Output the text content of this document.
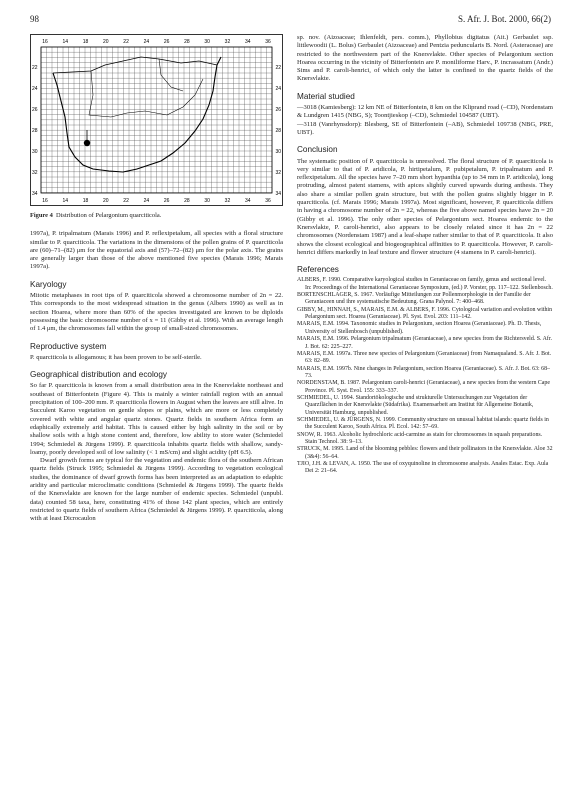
98	S. Afr. J. Bot. 2000, 66(2)
16
16
14
14
18
18
20
20
22
22
24
24
26
26
28
28
30
30
32
32
34
34
36
36
22	22
24	24
26	26
28	28
30	30
32	32
34	34

Figure 4 Distribution of Pelargonium quarciticola.

1997a), P. tripalmatum (Marais 1996) and P. reflexipetalum, all species with a floral structure similar to P. quarciticola. The variations in the dimensions of the pollen grains of P. quarciticola are (60)–71–(82) μm for the equatorial axis and (57)–72–(82) μm for the polar axis. The grains are generally larger than those of the above mentioned five species (Marais 1996; Marais 1997a).

Karyology

Mitotic metaphases in root tips of P. quarciticola showed a chromosome number of 2n = 22. This corresponds to the most widespread situation in the genus (Albers 1990) as well as in section Hoarea, where more than 60% of the species investigated are known to be diploids possessing the basic chromosome number of x = 11 (Gibby et al. 1996). With an average length of 1.4 μm, the chromosomes fall within the group of small-sized chromosomes.

Reproductive system

P. quarciticola is allogamous; it has been proven to be self-sterile.

Geographical distribution and ecology

So far P. quarciticola is known from a small distribution area in the Knersvlakte northeast and southeast of Bitterfontein (Figure 4). This is mainly a winter rainfall region with an annual precipitation of 100–200 mm. P. quarciticola flowers in August when the leaves are still alive. In Succulent Karoo vegetation on gentle slopes or plains, which are more or less completely covered with white and angular quartz stones. Quartz fields in southern Africa form an edaphically extremely arid habitat. This is caused either by high salinity in the soil or by shallow soils with a high stone content and, therefore, low ability to store water (Schmiedel 1994; Schmiedel & Jürgens 1999). P. quarciticola inhabits quartz fields with shallow, sandy-loamy, poorly developed soil of low salinity (< 1 mS/cm) and slight acidity (pH 6.5).

Dwarf growth forms are typical for the vegetation and endemic flora of the southern African quartz fields (Struck 1995; Schmiedel & Jürgens 1999). According to vegetation ecological studies, the dominance of dwarf growth forms has been interpreted as an adaptation to edaphic aridity and particular microclimatic conditions (Schmiedel & Jürgens 1999). The quartz fields of the Knersvlakte are known for the large number of endemic species. Schmiedel (unpubl. data) counted 58 taxa, here, constituting 41% of those 142 plant species, which are entirely restricted to quartz fields of southern Africa (Schmiedel & Jürgens 1999). P. quarciticola, along with at least Dicrocaulon

sp. nov. (Aizoaceae; Ihlenfeldt, pers. comm.), Phyllobius digitatus (Ait.) Gerbaulet ssp. littlewoodii (L. Bolus) Gerbaulet (Aizoaceae) and Pentzia peduncularis B. Nord. (Asteraceae) are restricted to the northwestern part of the Knersvlakte. Other species of Pelargonium section Hoarea occurring in the vicinity of Bitterfontein are P. moniliforme Harv., P. incrassatum (Andr.) Sims and P. caroli-henrici, of which only the latter is confined to the quartz fields of the Knersvlakte.

Material studied

—3018 (Kamiesberg): 12 km NE of Bitterfontein, 8 km on the Kliprand road (–CD), Nordenstam & Lundgren 1415 (NBG, S); Toontjieskop (–CD), Schmiedel 104587 (UBT).

—3118 (Vanrhynsdorp): Blesberg, SE of Bitterfontein (–AB), Schmiedel 109738 (NBG, PRE, UBT).

Conclusion

The systematic position of P. quarciticola is unresolved. The floral structure of P. quarciticola is very similar to that of P. aridicola, P. hirtipetalum, P. pubipetalum, P. tripalmatum and P. reflexipetalum. All the species have 7–20 mm short hypanthia (up to 34 mm in P. aridicola), long protruding, almost patent stamens, with apices slightly curved upwards during anthesis. They also share a similar pollen grain structure, but with the pollen grains slightly bigger in P. quarciticola. (cf. Marais 1996; Marais 1997a). Most significant, however, P. quarciticola differs in having a chromosome number of 2n = 22, whereas the five above named species have 2n = 20 (Gibby et al. 1996). The only other species of Pelargonium sect. Hoarea endemic to the Knersvlakte, P. caroli-henrici, also appears to be closely related since it has 2n = 22 chromosomes (Nordenstam 1987) and a leaf-shape rather similar to that of P. quarciticola. It also shows the closest ecological and biogeographical affinities to P. quarciticola. However, P. caroli-henrici differs markedly in leaf texture and flower structure (4 stamens in P. caroli-henrici).

References

ALBERS, F. 1990. Comparative karyological studies in Geraniaceae on family, genus and sectional level. In: Proceedings of the International Geraniaceae Symposium, (ed.) P. Vorster, pp. 117–122. Stellenbosch.

BORTENSCHLAGER, S. 1967. Vorläufige Mitteilungen zur Pollenmorphologie in der Familie der Geraniaceen und ihre systematische Bedeutung. Grana Palynol. 7: 400–468.

GIBBY, M., HINNAH, S., MARAIS, E.M. & ALBERS, F. 1996. Cytological variation and evolution within Pelargonium sect. Hoarea (Geraniaceae). Pl. Syst. Evol. 203: 111–142.

MARAIS, E.M. 1994. Taxonomic studies in Pelargonium, section Hoarea (Geraniaceae). Ph. D. Thesis, University of Stellenbosch (unpublished).

MARAIS, E.M. 1996. Pelargonium tripalmatum (Geraniaceae), a new species from the Richtersveld. S. Afr. J. Bot. 62: 225–227.

MARAIS, E.M. 1997a. Three new species of Pelargonium (Geraniaceae) from Namaqualand. S. Afr. J. Bot. 63: 82–89.

MARAIS, E.M. 1997b. Nine changes in Pelargonium, section Hoarea (Geraniaceae). S. Afr. J. Bot. 63: 68–73.

NORDENSTAM, B. 1987. Pelargonium caroli-henrici (Geraniaceae), a new species from the western Cape Province. Pl. Syst. Evol. 155: 333–337.

SCHMIEDEL, U. 1994. Standortökologische und strukturelle Untersuchungen zur Vegetation der Quarzflächen in der Knersvlakte (Südafrika). Examensarbeit am Institut für Allgemeine Botanik, Universität Hamburg, unpublished.

SCHMIEDEL, U. & JÜRGENS, N. 1999. Community structure on unusual habitat islands: quartz fields in the Succulent Karoo, South Africa. Pl. Ecol. 142: 57–69.

SNOW, R. 1963. Alcoholic hydrochloric acid-carmine as stain for chromosomes in squash preparations. Stain Technol. 38: 9–13.

STRUCK, M. 1995. Land of the blooming pebbles: flowers and their pollinators in the Knersvlakte. Aloe 32 (3&4): 56–64.

TJIO, J.H. & LEVAN, A. 1950. The use of oxyquinoline in chromosome analysis. Anales Estac. Exp. Aula Dei 2: 21–64.
